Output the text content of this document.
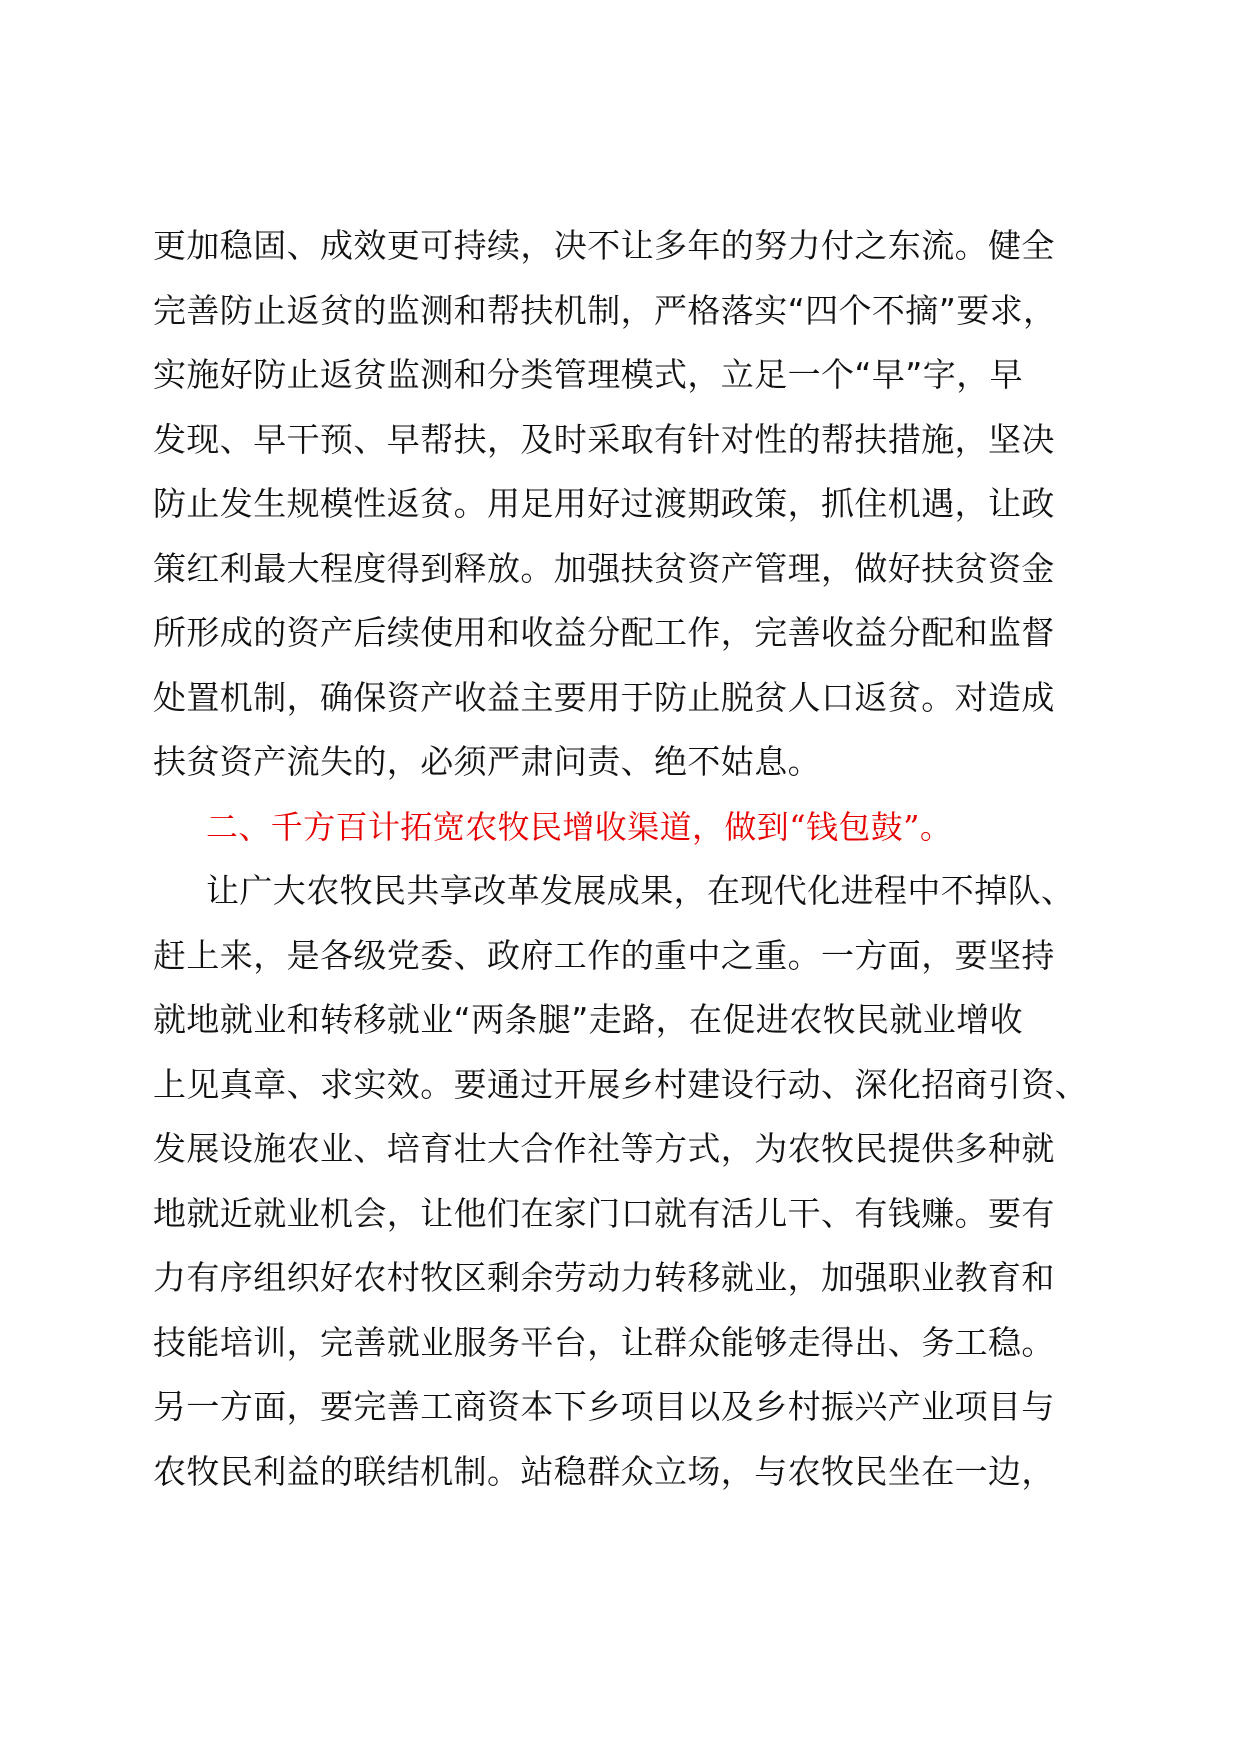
更加稳固、成效更可持续，决不让多年的努力付之东流。健全
完善防止返贫的监测和帮扶机制，严格落实“四个不摘”要求，
实施好防止返贫监测和分类管理模式，立足一个“早”字，早
发现、早干预、早帮扶，及时采取有针对性的帮扶措施，坚决
防止发生规模性返贫。用足用好过渡期政策，抓住机遇，让政
策红利最大程度得到释放。加强扶贫资产管理，做好扶贫资金
所形成的资产后续使用和收益分配工作，完善收益分配和监督
处置机制，确保资产收益主要用于防止脱贫人口返贫。对造成
扶贫资产流失的，必须严肃问责、绝不姑息。
二、千方百计拓宽农牧民增收渠道，做到“钱包鼓”。
让广大农牧民共享改革发展成果，在现代化进程中不掉队、
赶上来，是各级党委、政府工作的重中之重。一方面，要坚持
就地就业和转移就业“两条腿”走路，在促进农牧民就业增收
上见真章、求实效。要通过开展乡村建设行动、深化招商引资、
发展设施农业、培育壮大合作社等方式，为农牧民提供多种就
地就近就业机会，让他们在家门口就有活儿干、有钱赚。要有
力有序组织好农村牧区剩余劳动力转移就业，加强职业教育和
技能培训，完善就业服务平台，让群众能够走得出、务工稳。
另一方面，要完善工商资本下乡项目以及乡村振兴产业项目与
农牧民利益的联结机制。站稳群众立场，与农牧民坐在一边，
